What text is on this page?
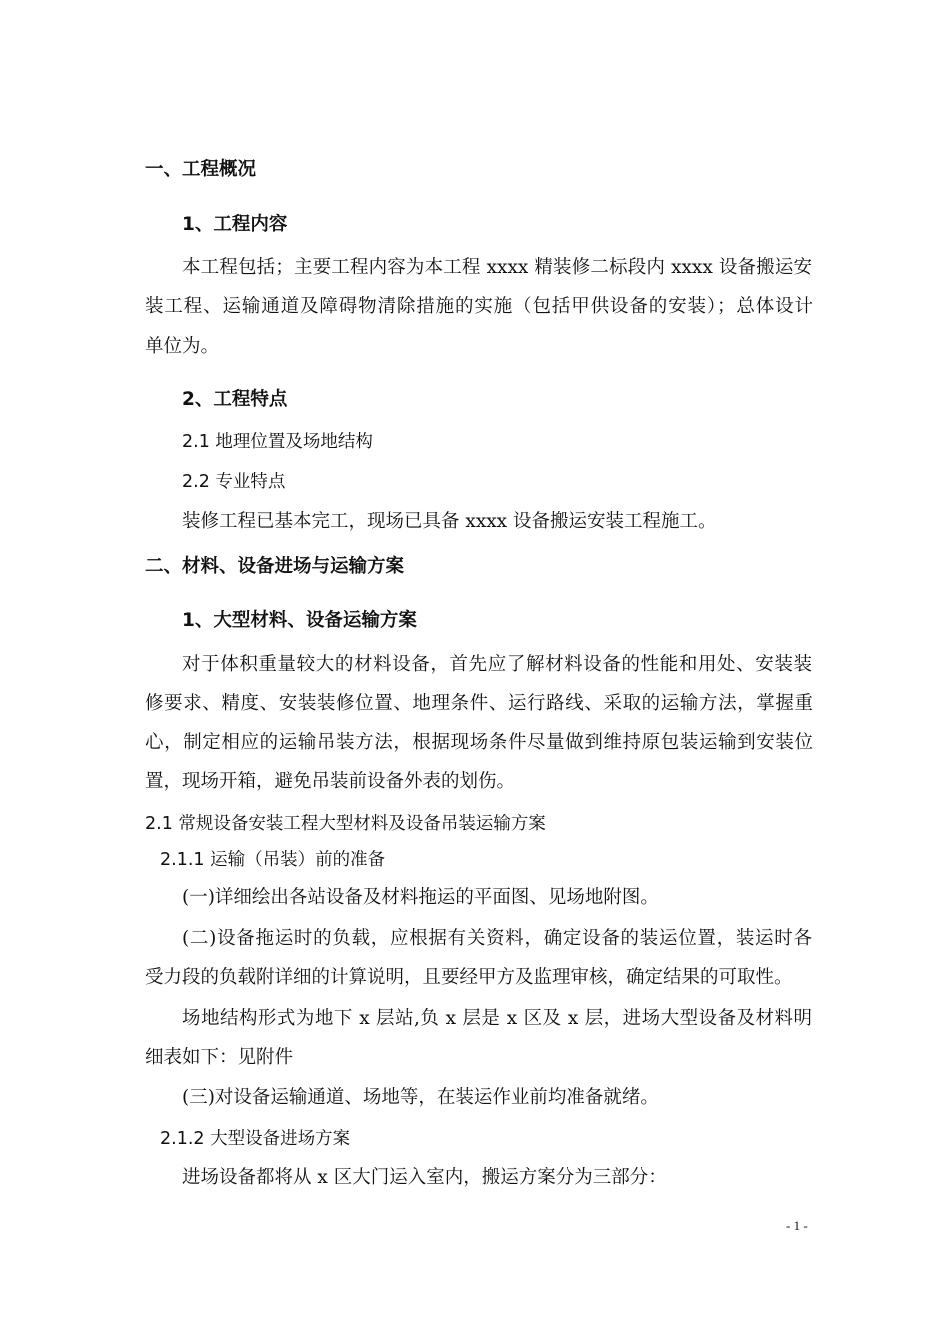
一、工程概况
1、工程内容
本工程包括；主要工程内容为本工程 xxxx 精装修二标段内 xxxx 设备搬运安
装工程、运输通道及障碍物清除措施的实施（包括甲供设备的安装）；总体设计
单位为。
2、工程特点
2.1 地理位置及场地结构
2.2 专业特点
装修工程已基本完工，现场已具备 xxxx 设备搬运安装工程施工。
二、材料、设备进场与运输方案
1、大型材料、设备运输方案
对于体积重量较大的材料设备，首先应了解材料设备的性能和用处、安装装
修要求、精度、安装装修位置、地理条件、运行路线、采取的运输方法，掌握重
心，制定相应的运输吊装方法，根据现场条件尽量做到维持原包装运输到安装位
置，现场开箱，避免吊装前设备外表的划伤。
2.1 常规设备安装工程大型材料及设备吊装运输方案
2.1.1 运输（吊装）前的准备
(一)详细绘出各站设备及材料拖运的平面图、见场地附图。
(二)设备拖运时的负载，应根据有关资料，确定设备的装运位置，装运时各
受力段的负载附详细的计算说明，且要经甲方及监理审核，确定结果的可取性。
场地结构形式为地下 x 层站,负 x 层是 x 区及 x 层，进场大型设备及材料明
细表如下：见附件
(三)对设备运输通道、场地等，在装运作业前均准备就绪。
2.1.2 大型设备进场方案
进场设备都将从 x 区大门运入室内，搬运方案分为三部分：
- 1 -
